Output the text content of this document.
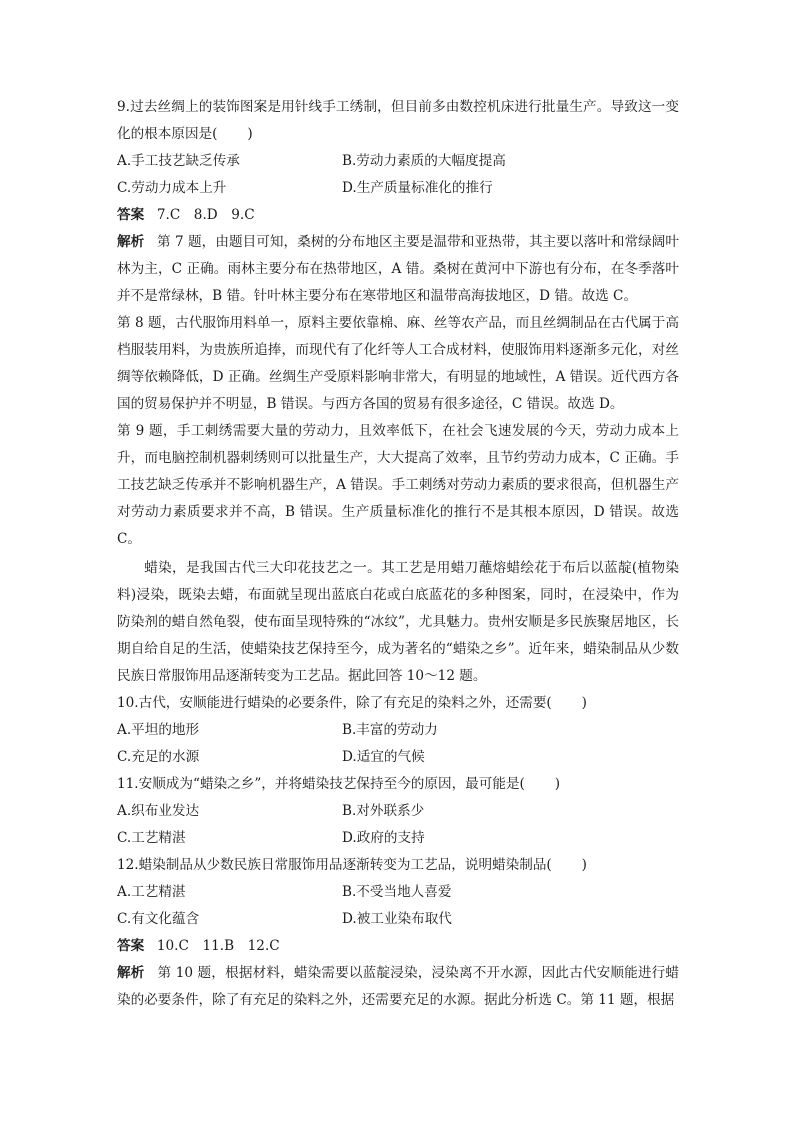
9.过去丝绸上的装饰图案是用针线手工绣制，但目前多由数控机床进行批量生产。导致这一变化的根本原因是( )

A.手工技艺缺乏传承	B.劳动力素质的大幅度提高
C.劳动力成本上升	D.生产质量标准化的推行

答案 7.C　8.D　9.C

解析 第 7 题，由题目可知，桑树的分布地区主要是温带和亚热带，其主要以落叶和常绿阔叶林为主，C 正确。雨林主要分布在热带地区，A 错。桑树在黄河中下游也有分布，在冬季落叶并不是常绿林，B 错。针叶林主要分布在寒带地区和温带高海拔地区，D 错。故选 C。

第 8 题，古代服饰用料单一，原料主要依靠棉、麻、丝等农产品，而且丝绸制品在古代属于高档服装用料，为贵族所追捧，而现代有了化纤等人工合成材料，使服饰用料逐渐多元化，对丝绸等依赖降低，D 正确。丝绸生产受原料影响非常大，有明显的地域性，A 错误。近代西方各国的贸易保护并不明显，B 错误。与西方各国的贸易有很多途径，C 错误。故选 D。

第 9 题，手工刺绣需要大量的劳动力，且效率低下，在社会飞速发展的今天，劳动力成本上升，而电脑控制机器刺绣则可以批量生产，大大提高了效率，且节约劳动力成本，C 正确。手工技艺缺乏传承并不影响机器生产，A 错误。手工刺绣对劳动力素质的要求很高，但机器生产对劳动力素质要求并不高，B 错误。生产质量标准化的推行不是其根本原因，D 错误。故选 C。

蜡染，是我国古代三大印花技艺之一。其工艺是用蜡刀蘸熔蜡绘花于布后以蓝靛(植物染料)浸染，既染去蜡，布面就呈现出蓝底白花或白底蓝花的多种图案，同时，在浸染中，作为防染剂的蜡自然龟裂，使布面呈现特殊的“冰纹”，尤具魅力。贵州安顺是多民族聚居地区，长期自给自足的生活，使蜡染技艺保持至今，成为著名的“蜡染之乡”。近年来，蜡染制品从少数民族日常服饰用品逐渐转变为工艺品。据此回答 10～12 题。

10.古代，安顺能进行蜡染的必要条件，除了有充足的染料之外，还需要( )

A.平坦的地形	B.丰富的劳动力
C.充足的水源	D.适宜的气候

11.安顺成为“蜡染之乡”，并将蜡染技艺保持至今的原因，最可能是( )

A.织布业发达	B.对外联系少
C.工艺精湛	D.政府的支持

12.蜡染制品从少数民族日常服饰用品逐渐转变为工艺品，说明蜡染制品( )

A.工艺精湛	B.不受当地人喜爱
C.有文化蕴含	D.被工业染布取代

答案 10.C　11.B　12.C

解析 第 10 题，根据材料，蜡染需要以蓝靛浸染，浸染离不开水源，因此古代安顺能进行蜡染的必要条件，除了有充足的染料之外，还需要充足的水源。据此分析选 C。第 11 题，根据
